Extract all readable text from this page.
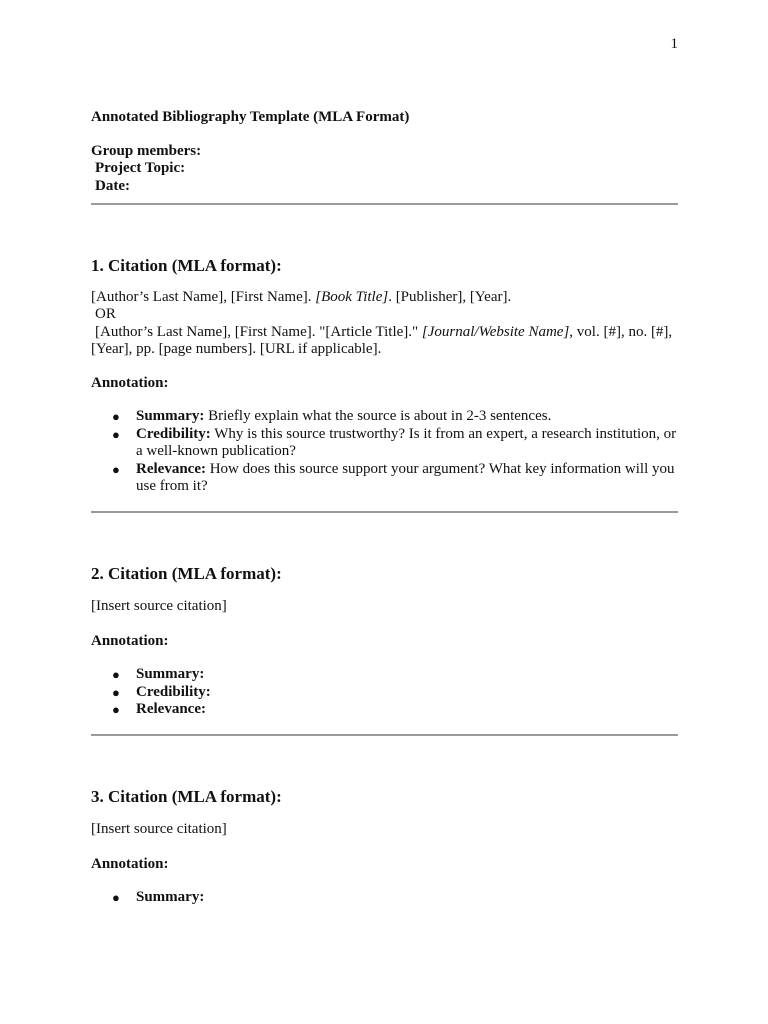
1

Annotated Bibliography Template (MLA Format)

Group members:
Project Topic:
Date:

1. Citation (MLA format):

[Author’s Last Name], [First Name]. [Book Title]. [Publisher], [Year].
OR
[Author’s Last Name], [First Name]. "[Article Title]." [Journal/Website Name], vol. [#], no. [#], [Year], pp. [page numbers]. [URL if applicable].

Annotation:

● Summary: Briefly explain what the source is about in 2-3 sentences.
● Credibility: Why is this source trustworthy? Is it from an expert, a research institution, or a well-known publication?
● Relevance: How does this source support your argument? What key information will you use from it?

2. Citation (MLA format):

[Insert source citation]

Annotation:

● Summary:
● Credibility:
● Relevance:

3. Citation (MLA format):

[Insert source citation]

Annotation:

● Summary:
